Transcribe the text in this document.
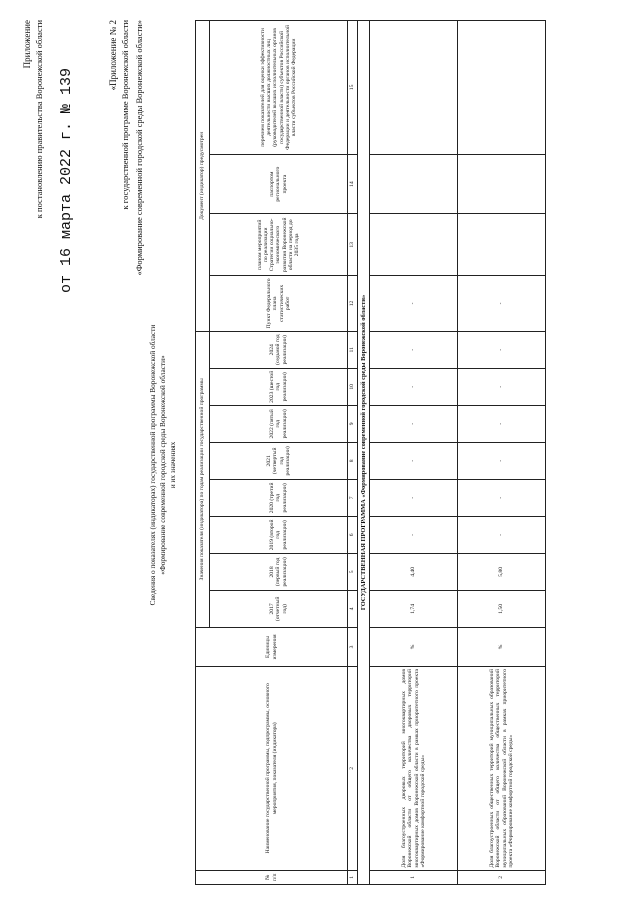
Приложение к постановлению правительства Воронежской области от 16 марта 2022 г. № 139
«Приложение № 2 к государственной программе Воронежской области «Формирование современной городской среды Воронежской области»
Сведения о показателях (индикаторах) государственной программы Воронежской области «Формирование современной городской среды Воронежской области» и их значениях
№ п/п	Наименование государственной программы, подпрограммы, основного мероприятия, показателя (индикатора)	Единицы измерения	Значения показателя (индикатора) по годам реализации государственной программы								Документ (индикатор) предусмотрен			
			2017 (отчетный год)	2018 (первый год реализации)	2019 (второй год реализации)	2020 (третий год реализации)	2021 (четвертый год реализации)	2022 (пятый год реализации)	2023 (шестой год реализации)	2024 (седьмой год реализации)	Пункт Федерального плана статистических работ	планом мероприятий по реализации Стратегии социально-экономического развития Воронежской области на период до 2035 года	паспортом регионального проекта	перечнем показателей для оценки эффективности деятельности высших должностных лиц (руководителей высших исполнительных органов государственной власти) субъектов Российской Федерации и деятельности органов исполнительной власти субъектов Российской Федерации
1	2	3	4	5	6	7	8	9	10	11	12	13	14	15
ГОСУДАРСТВЕННАЯ ПРОГРАММА «Формирование современной городской среды Воронежской области»														
1	Доля благоустроенных дворовых территорий многоквартирных домов Воронежской области от общего количества дворовых территорий многоквартирных домов Воронежской области в рамках приоритетного проекта «Формирование комфортной городской среды»	%	1,74	4,40	-	-	-	-	-	-	-			
2	Доля благоустроенных общественных территорий муниципальных образований Воронежской области от общего количества общественных территорий муниципальных образований Воронежской области в рамках приоритетного проекта «Формирование комфортной городской среды»	%	1,50	5,80	-	-	-	-	-	-	-			
